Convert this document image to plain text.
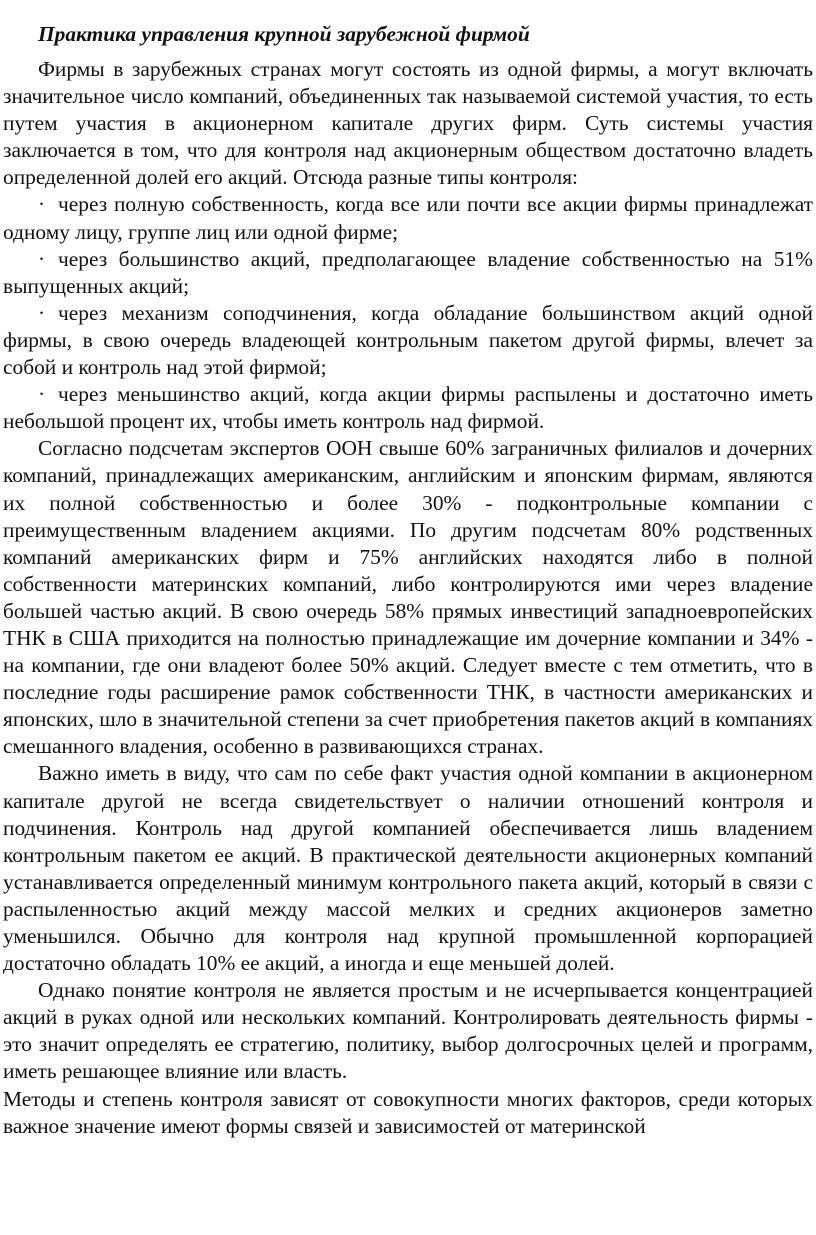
Практика управления крупной зарубежной фирмой

Фирмы в зарубежных странах могут состоять из одной фирмы, а могут включать значительное число компаний, объединенных так называемой системой участия, то есть путем участия в акционерном капитале других фирм. Суть системы участия заключается в том, что для контроля над акционерным обществом достаточно владеть определенной долей его акций. Отсюда разные типы контроля:

· через полную собственность, когда все или почти все акции фирмы принадлежат одному лицу, группе лиц или одной фирме;

· через большинство акций, предполагающее владение собственностью на 51% выпущенных акций;

· через механизм соподчинения, когда обладание большинством акций одной фирмы, в свою очередь владеющей контрольным пакетом другой фирмы, влечет за собой и контроль над этой фирмой;

· через меньшинство акций, когда акции фирмы распылены и достаточно иметь небольшой процент их, чтобы иметь контроль над фирмой.

Согласно подсчетам экспертов ООН свыше 60% заграничных филиалов и дочерних компаний, принадлежащих американским, английским и японским фирмам, являются их полной собственностью и более 30% - подконтрольные компании с преимущественным владением акциями. По другим подсчетам 80% родственных компаний американских фирм и 75% английских находятся либо в полной собственности материнских компаний, либо контролируются ими через владение большей частью акций. В свою очередь 58% прямых инвестиций западноевропейских ТНК в США приходится на полностью принадлежащие им дочерние компании и 34% - на компании, где они владеют более 50% акций. Следует вместе с тем отметить, что в последние годы расширение рамок собственности ТНК, в частности американских и японских, шло в значительной степени за счет приобретения пакетов акций в компаниях смешанного владения, особенно в развивающихся странах.

Важно иметь в виду, что сам по себе факт участия одной компании в акционерном капитале другой не всегда свидетельствует о наличии отношений контроля и подчинения. Контроль над другой компанией обеспечивается лишь владением контрольным пакетом ее акций. В практической деятельности акционерных компаний устанавливается определенный минимум контрольного пакета акций, который в связи с распыленностью акций между массой мелких и средних акционеров заметно уменьшился. Обычно для контроля над крупной промышленной корпорацией достаточно обладать 10% ее акций, а иногда и еще меньшей долей.

Однако понятие контроля не является простым и не исчерпывается концентрацией акций в руках одной или нескольких компаний. Контролировать деятельность фирмы - это значит определять ее стратегию, политику, выбор долгосрочных целей и программ, иметь решающее влияние или власть.

Методы и степень контроля зависят от совокупности многих факторов, среди которых важное значение имеют формы связей и зависимостей от материнской
